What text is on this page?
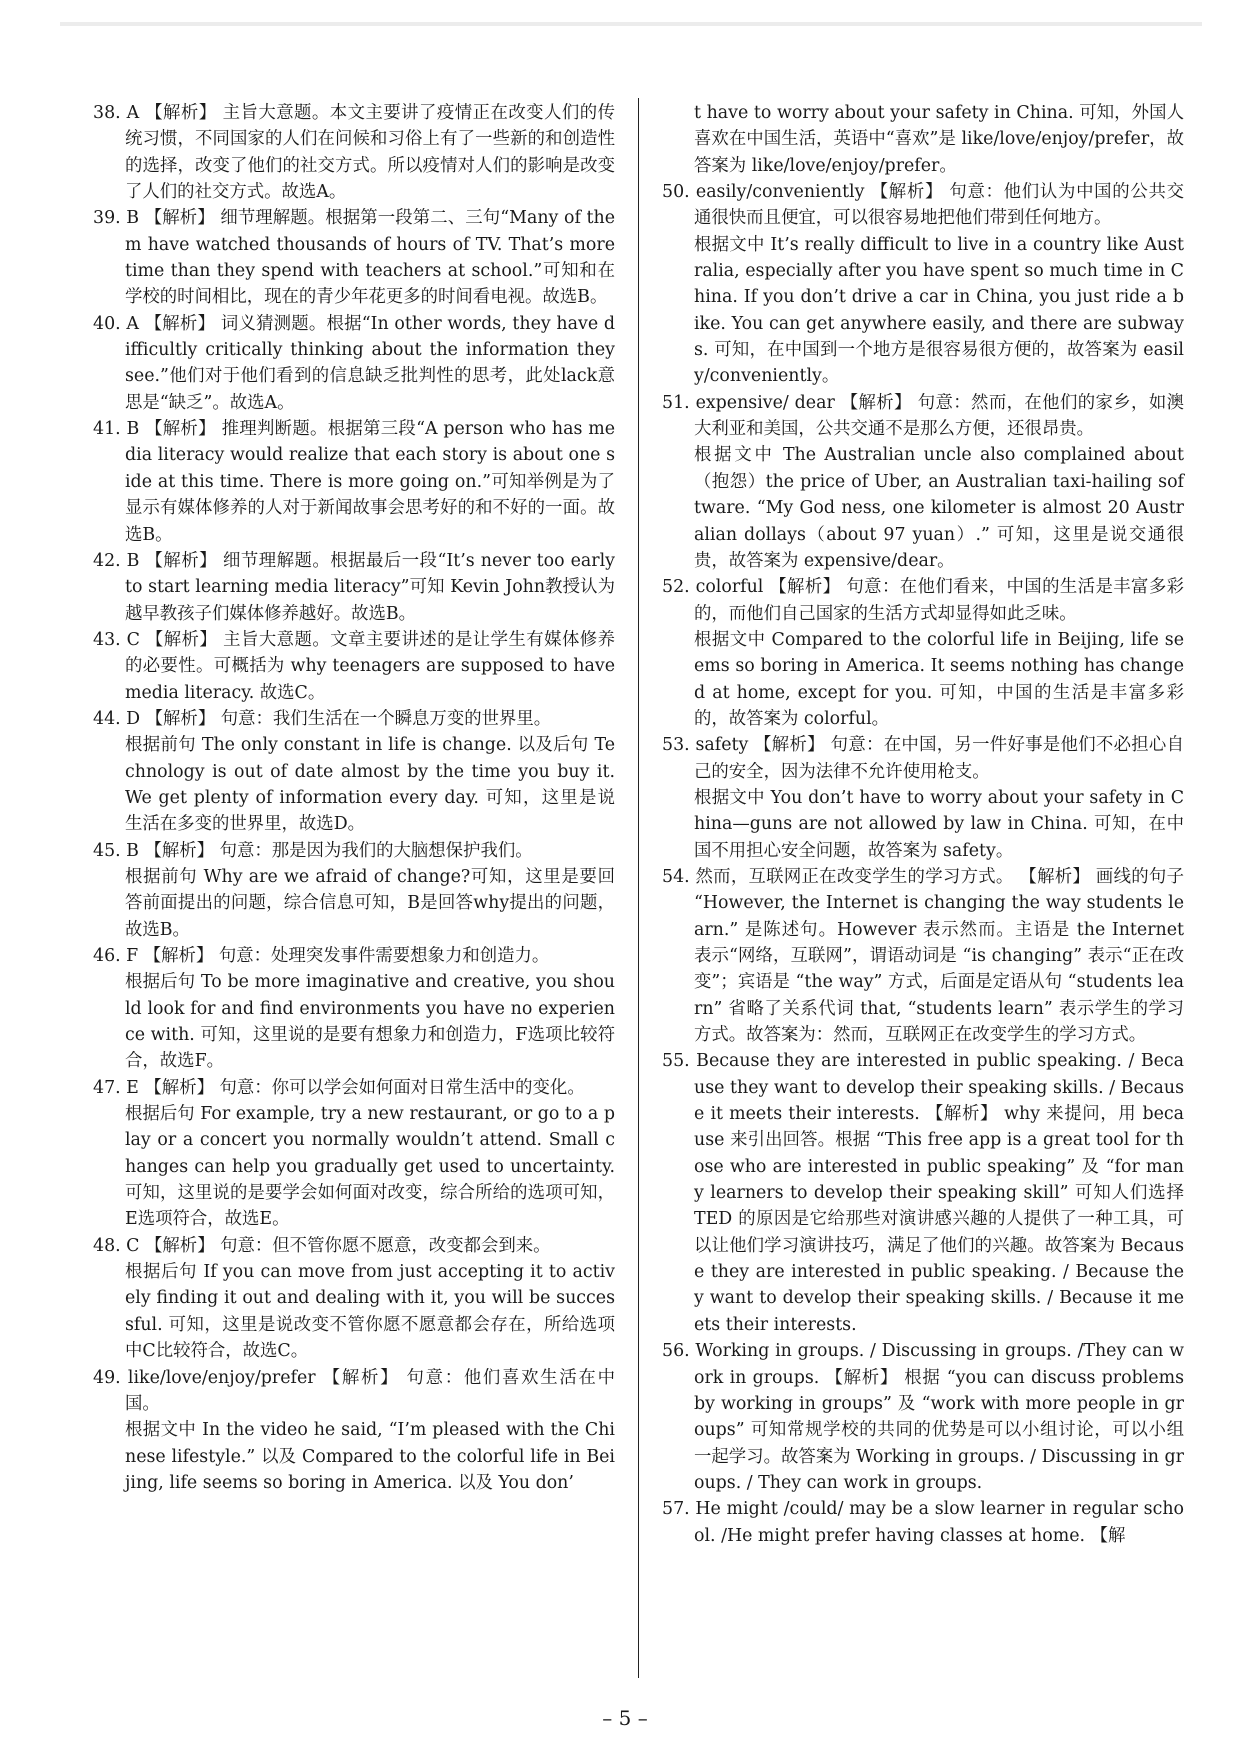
38. A 【解析】 主旨大意题。本文主要讲了疫情正在改变人们的传统习惯，不同国家的人们在问候和习俗上有了一些新的和创造性的选择，改变了他们的社交方式。所以疫情对人们的影响是改变了人们的社交方式。故选A。

39. B 【解析】 细节理解题。根据第一段第二、三句“Many of them have watched thousands of hours of TV. That’s more time than they spend with teachers at school.”可知和在学校的时间相比，现在的青少年花更多的时间看电视。故选B。

40. A 【解析】 词义猜测题。根据“In other words, they have difficultly critically thinking about the information they see.”他们对于他们看到的信息缺乏批判性的思考，此处lack意思是“缺乏”。故选A。

41. B 【解析】 推理判断题。根据第三段“A person who has media literacy would realize that each story is about one side at this time. There is more going on.”可知举例是为了显示有媒体修养的人对于新闻故事会思考好的和不好的一面。故选B。

42. B 【解析】 细节理解题。根据最后一段“It’s never too early to start learning media literacy”可知 Kevin John教授认为越早教孩子们媒体修养越好。故选B。

43. C 【解析】 主旨大意题。文章主要讲述的是让学生有媒体修养的必要性。可概括为 why teenagers are supposed to have media literacy. 故选C。

44. D 【解析】 句意：我们生活在一个瞬息万变的世界里。

根据前句 The only constant in life is change. 以及后句 Technology is out of date almost by the time you buy it. We get plenty of information every day. 可知，这里是说生活在多变的世界里，故选D。

45. B 【解析】 句意：那是因为我们的大脑想保护我们。

根据前句 Why are we afraid of change?可知，这里是要回答前面提出的问题，综合信息可知，B是回答why提出的问题，故选B。

46. F 【解析】 句意：处理突发事件需要想象力和创造力。

根据后句 To be more imaginative and creative, you should look for and find environments you have no experience with. 可知，这里说的是要有想象力和创造力，F选项比较符合，故选F。

47. E 【解析】 句意：你可以学会如何面对日常生活中的变化。

根据后句 For example, try a new restaurant, or go to a play or a concert you normally wouldn’t attend. Small changes can help you gradually get used to uncertainty. 可知，这里说的是要学会如何面对改变，综合所给的选项可知，E选项符合，故选E。

48. C 【解析】 句意：但不管你愿不愿意，改变都会到来。

根据后句 If you can move from just accepting it to actively finding it out and dealing with it, you will be successful. 可知，这里是说改变不管你愿不愿意都会存在，所给选项中C比较符合，故选C。

49. like/love/enjoy/prefer 【解析】 句意：他们喜欢生活在中国。

根据文中 In the video he said, “I’m pleased with the Chinese lifestyle.” 以及 Compared to the colorful life in Beijing, life seems so boring in America. 以及 You don’

t have to worry about your safety in China. 可知，外国人喜欢在中国生活，英语中“喜欢”是 like/love/enjoy/prefer，故答案为 like/love/enjoy/prefer。

50. easily/conveniently 【解析】 句意：他们认为中国的公共交通很快而且便宜，可以很容易地把他们带到任何地方。

根据文中 It’s really difficult to live in a country like Australia, especially after you have spent so much time in China. If you don’t drive a car in China, you just ride a bike. You can get anywhere easily, and there are subways. 可知，在中国到一个地方是很容易很方便的，故答案为 easily/conveniently。

51. expensive/ dear 【解析】 句意：然而，在他们的家乡，如澳大利亚和美国，公共交通不是那么方便，还很昂贵。

根据文中 The Australian uncle also complained about（抱怨）the price of Uber, an Australian taxi-hailing software. “My God ness, one kilometer is almost 20 Australian dollays（about 97 yuan）.” 可知，这里是说交通很贵，故答案为 expensive/dear。

52. colorful 【解析】 句意：在他们看来，中国的生活是丰富多彩的，而他们自己国家的生活方式却显得如此乏味。

根据文中 Compared to the colorful life in Beijing, life seems so boring in America. It seems nothing has changed at home, except for you. 可知，中国的生活是丰富多彩的，故答案为 colorful。

53. safety 【解析】 句意：在中国，另一件好事是他们不必担心自己的安全，因为法律不允许使用枪支。

根据文中 You don’t have to worry about your safety in China—guns are not allowed by law in China. 可知，在中国不用担心安全问题，故答案为 safety。

54. 然而，互联网正在改变学生的学习方式。 【解析】 画线的句子 “However, the Internet is changing the way students learn.” 是陈述句。However 表示然而。主语是 the Internet 表示“网络，互联网”，谓语动词是 “is changing” 表示“正在改变”；宾语是 “the way” 方式，后面是定语从句 “students learn” 省略了关系代词 that, “students learn” 表示学生的学习方式。故答案为：然而，互联网正在改变学生的学习方式。

55. Because they are interested in public speaking. / Because they want to develop their speaking skills. / Because it meets their interests. 【解析】 why 来提问，用 because 来引出回答。根据 “This free app is a great tool for those who are interested in public speaking” 及 “for many learners to develop their speaking skill” 可知人们选择 TED 的原因是它给那些对演讲感兴趣的人提供了一种工具，可以让他们学习演讲技巧，满足了他们的兴趣。故答案为 Because they are interested in public speaking. / Because they want to develop their speaking skills. / Because it meets their interests.

56. Working in groups. / Discussing in groups. /They can work in groups. 【解析】 根据 “you can discuss problems by working in groups” 及 “work with more people in groups” 可知常规学校的共同的优势是可以小组讨论，可以小组一起学习。故答案为 Working in groups. / Discussing in groups. / They can work in groups.

57. He might /could/ may be a slow learner in regular school. /He might prefer having classes at home. 【解

– 5 –
